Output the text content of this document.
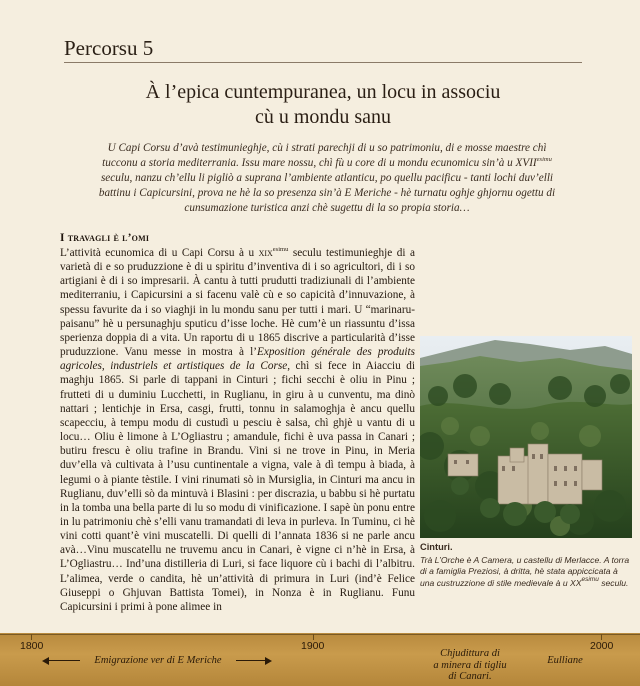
Percorsu 5
À l’epica cuntempuranea, un locu in associu
cù u mondu sanu
U Capi Corsu d’avà testimunieghje, cù i strati parechji di u so patrimoniu, di e mosse maestre chì tucconu a storia mediterrania. Issu mare nossu, chì fù u core di u mondu ecunomicu sin’à u $XVII^{esimu}$ seculu, nanzu ch’ellu li pigliò a suprana l’ambiente atlanticu, po quellu pacificu - tanti lochi duv’elli battinu i Capicursini, prova ne hè la so presenza sin’à E Meriche - hè turnatu oghje ghjornu ogettu di cunsumazione turistica anzi chè sugettu di la so propia storia…
I travagli è l’omi

L’attività ecunomica di u Capi Corsu à u xix$^{esimu}$ seculu testimunieghje di a varietà di e so pruduzzione è di u spiritu d’inventiva di i so agricultori, di i so artigiani è di i so impresarii. À cantu à tutti prudutti tradiziunali di l’ambiente mediterraniu, i Capicursini a si facenu valè cù e so capicità d’innuvazione, à spessu favurite da i so viaghji in lu mondu sanu per tutti i mari. U “marinaru-paisanu” hè u persunaghju sputicu d’isse loche. Hè cum’è un riassuntu d’issa sperienza doppia di a vita. Un raportu di u 1865 discrive a particularità d’isse pruduzzione. Vanu messe in mostra à l’Exposition générale des produits agricoles, industriels et artistiques de la Corse, chì si fece in Aiacciu di maghju 1865. Si parle di tappani in Cinturi ; fichi secchi è oliu in Pinu ; frutteti di u duminiu Lucchetti, in Ruglianu, in giru à u cunventu, ma dinò nattari ; lentichje in Ersa, casgi, frutti, tonnu in salamoghja è ancu quellu scapecciu, à tempu modu di custudì u pesciu è salsa, chì ghjè u vantu di u locu… Oliu è limone à L’Ogliastru ; amandule, fichi è uva passa in Canari ; butiru frescu è oliu trafine in Brandu. Vini si ne trove in Pinu, in Meria duv’ella và cultivata à l’usu cuntinentale a vigna, vale à dì tempu à biada, à legumi o à piante tèstile. I vini rinumati sò in Mursiglia, in Cinturi ma ancu in Ruglianu, duv’elli sò da mintuvà i Blasini : per discrazia, u babbu si hè purtatu in la tomba una bella parte di lu so modu di vinificazione. I sapè ùn ponu entre in lu patrimoniu chè s’elli vanu tramandati di leva in purleva. In Tuminu, ci hè vini cotti quant’è vini muscatelli. Di quelli di l’annata 1836 si ne parle ancu avà…Vinu muscatellu ne truvemu ancu in Canari, è vigne ci n’hè in Ersa, à L’Ogliastru… Ind’una distilleria di Luri, si face liquore cù i bachi di l’albitru. L’alimea, verde o candita, hè un’attività di primura in Luri (ind’è Felice Giuseppi o Ghjuvan Battista Tomei), in Nonza è in Ruglianu. Funu Capicursini i primi à pone alimee in

Cinturi.
Trà L’Orche è A Camera, u castellu di Merlacce. A torra di a famiglia Preziosi, à dritta, hè stata appiccicata à una custruzzione di stile medievale à u $XX^{esimu}$ seculu.
1800	1900	2000
Emigrazione ver di E Meriche
Chjudittura di
a minera di tigliu
di Canari.
Eulliane
